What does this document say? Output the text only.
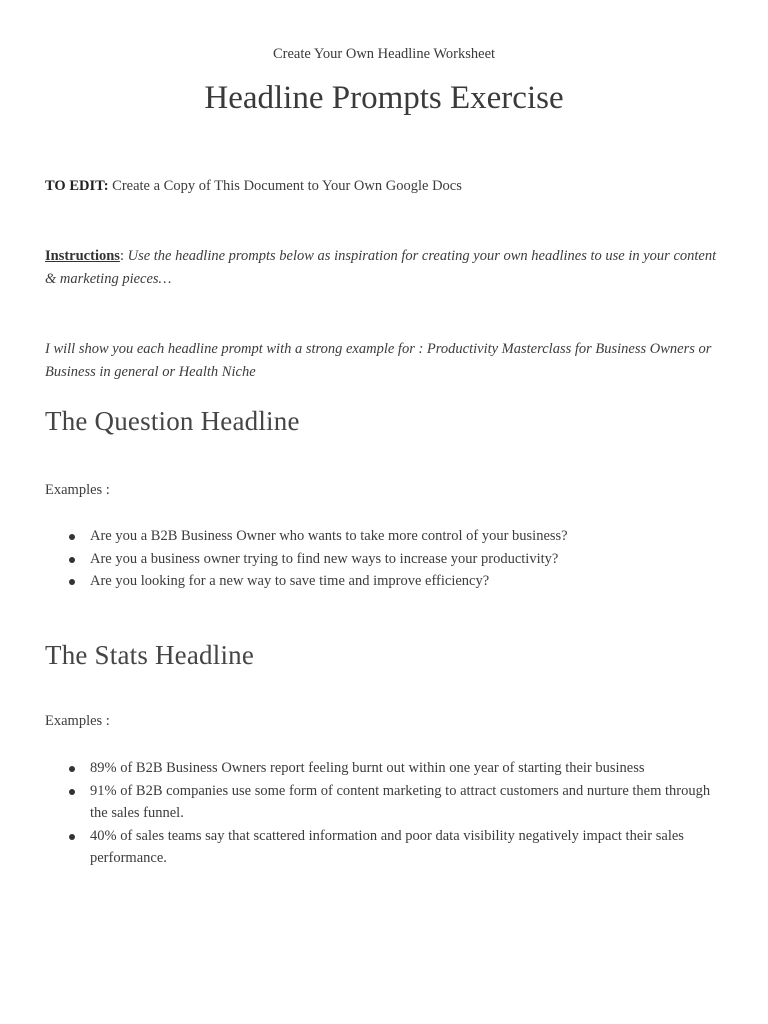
Create Your Own Headline Worksheet
Headline Prompts Exercise

TO EDIT: Create a Copy of This Document to Your Own Google Docs

Instructions: Use the headline prompts below as inspiration for creating your own headlines to use in your content & marketing pieces…

I will show you each headline prompt with a strong example for : Productivity Masterclass for Business Owners or Business in general or Health Niche

The Question Headline
Examples :
Are you a B2B Business Owner who wants to take more control of your business?
Are you a business owner trying to find new ways to increase your productivity?
Are you looking for a new way to save time and improve efficiency?
The Stats Headline
Examples :
89% of B2B Business Owners report feeling burnt out within one year of starting their business
91% of B2B companies use some form of content marketing to attract customers and nurture them through the sales funnel.
40% of sales teams say that scattered information and poor data visibility negatively impact their sales performance.
